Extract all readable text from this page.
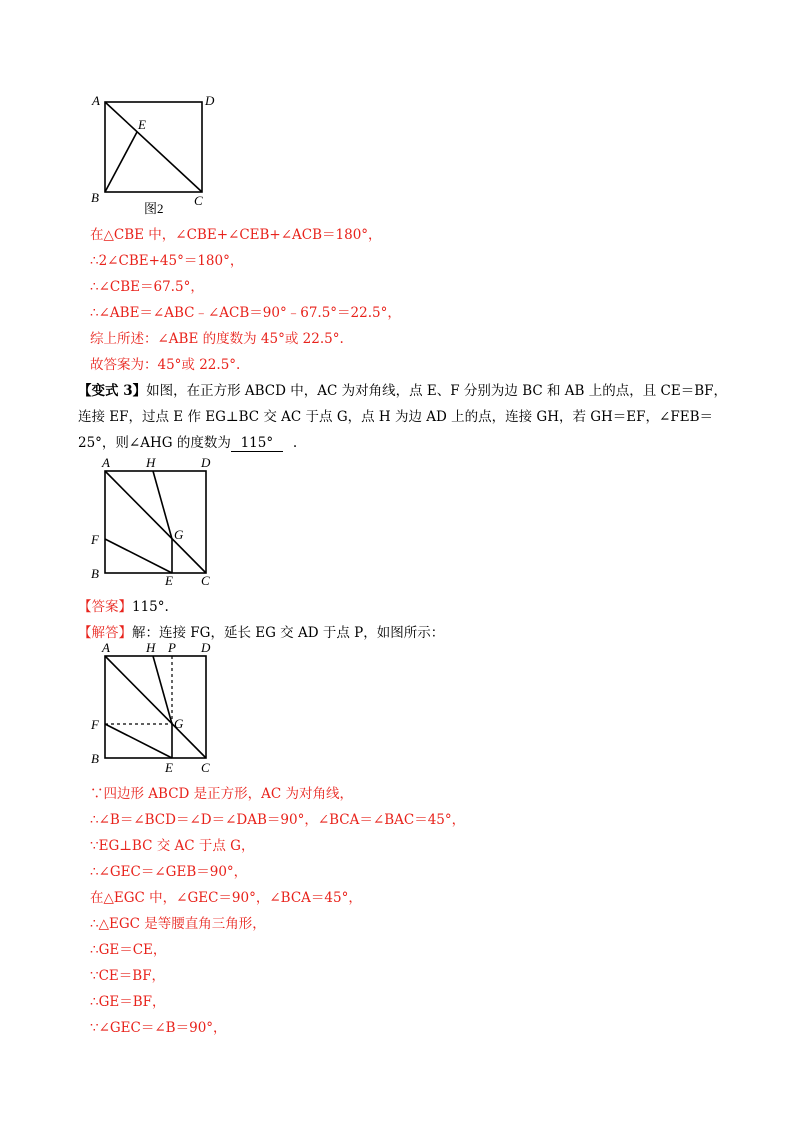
A	D
E
B	C
图2
在△CBE 中，∠CBE+∠CEB+∠ACB＝180°，
∴2∠CBE+45°＝180°，
∴∠CBE＝67.5°，
∴∠ABE＝∠ABC﹣∠ACB＝90°﹣67.5°＝22.5°，
综上所述：∠ABE 的度数为 45°或 22.5°.
故答案为：45°或 22.5°.
【变式 3】如图，在正方形 ABCD 中，AC 为对角线，点 E、F 分别为边 BC 和 AB 上的点，且 CE＝BF，连接 EF，过点 E 作 EG⊥BC 交 AC 于点 G，点 H 为边 AD 上的点，连接 GH，若 GH＝EF，∠FEB＝25°，则∠AHG 的度数为 115° .
A	H	D
F	G
B	E C
【答案】115°.
【解答】解：连接 FG，延长 EG 交 AD 于点 P，如图所示：
A	H P D
F	G
B
E C
∵四边形 ABCD 是正方形，AC 为对角线，
∴∠B＝∠BCD＝∠D＝∠DAB＝90°，∠BCA＝∠BAC＝45°，
∵EG⊥BC 交 AC 于点 G，
∴∠GEC＝∠GEB＝90°，
在△EGC 中，∠GEC＝90°，∠BCA＝45°，
∴△EGC 是等腰直角三角形，
∴GE＝CE，
∵CE＝BF，
∴GE＝BF，
∵∠GEC＝∠B＝90°，
